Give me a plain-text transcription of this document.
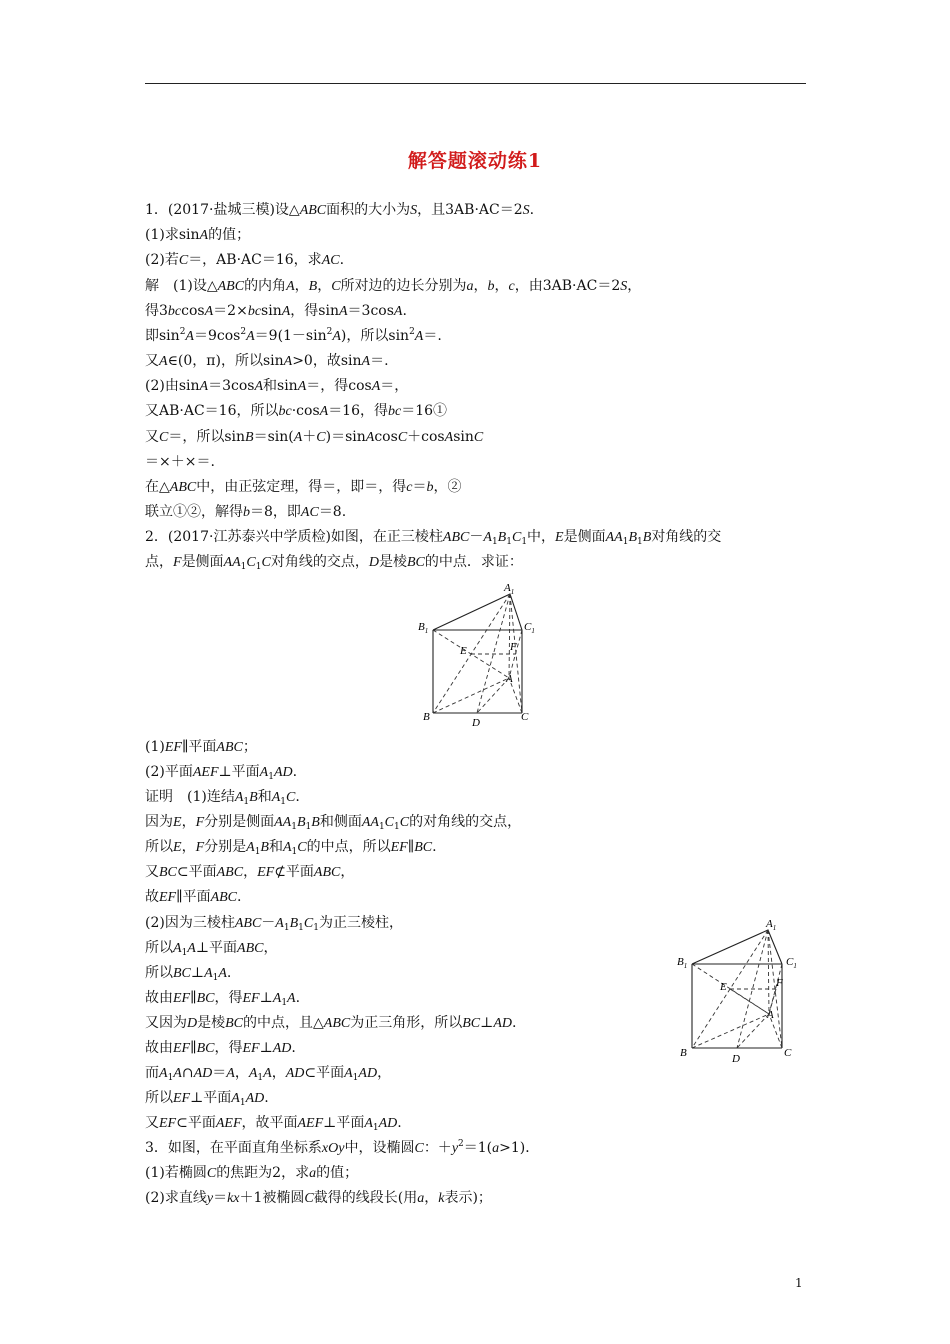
解答题滚动练1
1．(2017·盐城三模)设△ABC面积的大小为S，且3AB·AC＝2S.
(1)求sinA的值；
(2)若C＝，AB·AC＝16，求AC.
解　(1)设△ABC的内角A，B，C所对边的边长分别为a，b，c，由3AB·AC＝2S，
得3bccosA＝2×bcsinA，得sinA＝3cosA.
即$\sin^2A=9\cos^2A=9(1-\sin^2A)$，所以$\sin^2A=$.
又A∈(0，π)，所以sinA>0，故sinA＝.
(2)由sinA＝3cosA和sinA＝，得cosA＝，
又AB·AC＝16，所以bc·cosA＝16，得bc＝16①
又C＝，所以sinB＝sin(A＋C)＝sinAcosC＋cosAsinC
＝×＋×＝.
在△ABC中，由正弦定理，得＝，即＝，得c＝b，②
联立①②，解得b＝8，即AC＝8.
2．(2017·江苏泰兴中学质检)如图，在正三棱柱$ABC-A_1B_1C_1$中，E是侧面$AA_1B_1B$对角线的交
点，F是侧面$AA_1C_1C$对角线的交点，D是棱BC的中点．求证：
$A_1$
$B_1$	$C_1$
E	F
A
B	D	C
(1)EF∥平面ABC；
(2)平面AEF⊥平面$A_1AD$.
证明　(1)连结$A_1B$和$A_1C$.
因为E，F分别是侧面$AA_1B_1B$和侧面$AA_1C_1C$的对角线的交点，
所以E，F分别是$A_1B$和$A_1C$的中点，所以EF∥BC.
又BC⊂平面ABC，EF⊄平面ABC，
故EF∥平面ABC.
(2)因为三棱柱$ABC-A_1B_1C_1$为正三棱柱，
所以$A_1A\perp$平面ABC，
所以$BC\perp A_1A$.
故由EF∥BC，得$EF\perp A_1A$.
又因为D是棱BC的中点，且△ABC为正三角形，所以BC⊥AD.
故由EF∥BC，得EF⊥AD.
而$A_1A\cap AD=A$，$A_1A$，AD⊂平面$A_1AD$，
所以EF⊥平面$A_1AD$.
又EF⊂平面AEF，故平面AEF⊥平面$A_1AD$.
$A_1$
$B_1$	$C_1$
E	F
A
B	D	C
3．如图，在平面直角坐标系xOy中，设椭圆C：$+y^2=1(a>1)$．
(1)若椭圆C的焦距为2，求a的值；
(2)求直线y＝kx＋1被椭圆C截得的线段长(用a，k表示)；
1
